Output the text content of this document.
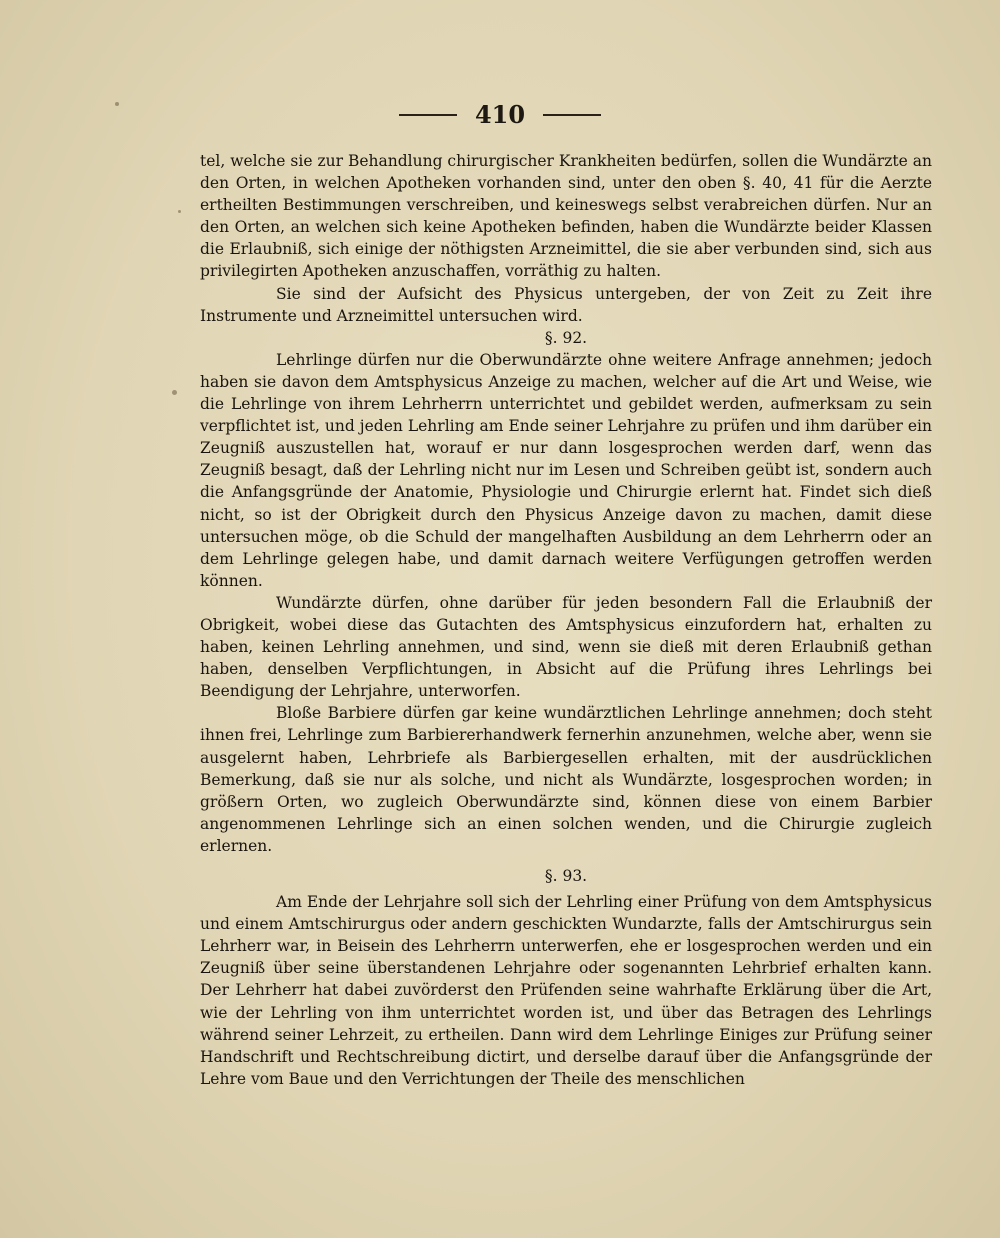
410

tel, welche sie zur Behandlung chirurgischer Krankheiten bedürfen, sollen die Wundärzte an den Orten, in welchen Apotheken vorhanden sind, unter den oben §. 40, 41 für die Aerzte ertheilten Bestimmungen verschreiben, und keineswegs selbst verabreichen dürfen. Nur an den Orten, an welchen sich keine Apotheken befinden, haben die Wundärzte beider Klassen die Erlaubniß, sich einige der nöthigsten Arzneimittel, die sie aber verbunden sind, sich aus privilegirten Apotheken anzuschaffen, vorräthig zu halten.

Sie sind der Aufsicht des Physicus untergeben, der von Zeit zu Zeit ihre Instrumente und Arzneimittel untersuchen wird.

§. 92.

Lehrlinge dürfen nur die Oberwundärzte ohne weitere Anfrage annehmen; jedoch haben sie davon dem Amtsphysicus Anzeige zu machen, welcher auf die Art und Weise, wie die Lehrlinge von ihrem Lehrherrn unterrichtet und gebildet werden, aufmerksam zu sein verpflichtet ist, und jeden Lehrling am Ende seiner Lehrjahre zu prüfen und ihm darüber ein Zeugniß auszustellen hat, worauf er nur dann losgesprochen werden darf, wenn das Zeugniß besagt, daß der Lehrling nicht nur im Lesen und Schreiben geübt ist, sondern auch die Anfangsgründe der Anatomie, Physiologie und Chirurgie erlernt hat. Findet sich dieß nicht, so ist der Obrigkeit durch den Physicus Anzeige davon zu machen, damit diese untersuchen möge, ob die Schuld der mangelhaften Ausbildung an dem Lehrherrn oder an dem Lehrlinge gelegen habe, und damit darnach weitere Verfügungen getroffen werden können.

Wundärzte dürfen, ohne darüber für jeden besondern Fall die Erlaubniß der Obrigkeit, wobei diese das Gutachten des Amtsphysicus einzufordern hat, erhalten zu haben, keinen Lehrling annehmen, und sind, wenn sie dieß mit deren Erlaubniß gethan haben, denselben Verpflichtungen, in Absicht auf die Prüfung ihres Lehrlings bei Beendigung der Lehrjahre, unterworfen.

Bloße Barbiere dürfen gar keine wundärztlichen Lehrlinge annehmen; doch steht ihnen frei, Lehrlinge zum Barbiererhandwerk fernerhin anzunehmen, welche aber, wenn sie ausgelernt haben, Lehrbriefe als Barbiergesellen erhalten, mit der ausdrücklichen Bemerkung, daß sie nur als solche, und nicht als Wundärzte, losgesprochen worden; in größern Orten, wo zugleich Oberwundärzte sind, können diese von einem Barbier angenommenen Lehrlinge sich an einen solchen wenden, und die Chirurgie zugleich erlernen.

§. 93.

Am Ende der Lehrjahre soll sich der Lehrling einer Prüfung von dem Amtsphysicus und einem Amtschirurgus oder andern geschickten Wundarzte, falls der Amtschirurgus sein Lehrherr war, in Beisein des Lehrherrn unterwerfen, ehe er losgesprochen werden und ein Zeugniß über seine überstandenen Lehrjahre oder sogenannten Lehrbrief erhalten kann. Der Lehrherr hat dabei zuvörderst den Prüfenden seine wahrhafte Erklärung über die Art, wie der Lehrling von ihm unterrichtet worden ist, und über das Betragen des Lehrlings während seiner Lehrzeit, zu ertheilen. Dann wird dem Lehrlinge Einiges zur Prüfung seiner Handschrift und Rechtschreibung dictirt, und derselbe darauf über die Anfangsgründe der Lehre vom Baue und den Verrichtungen der Theile des menschlichen
